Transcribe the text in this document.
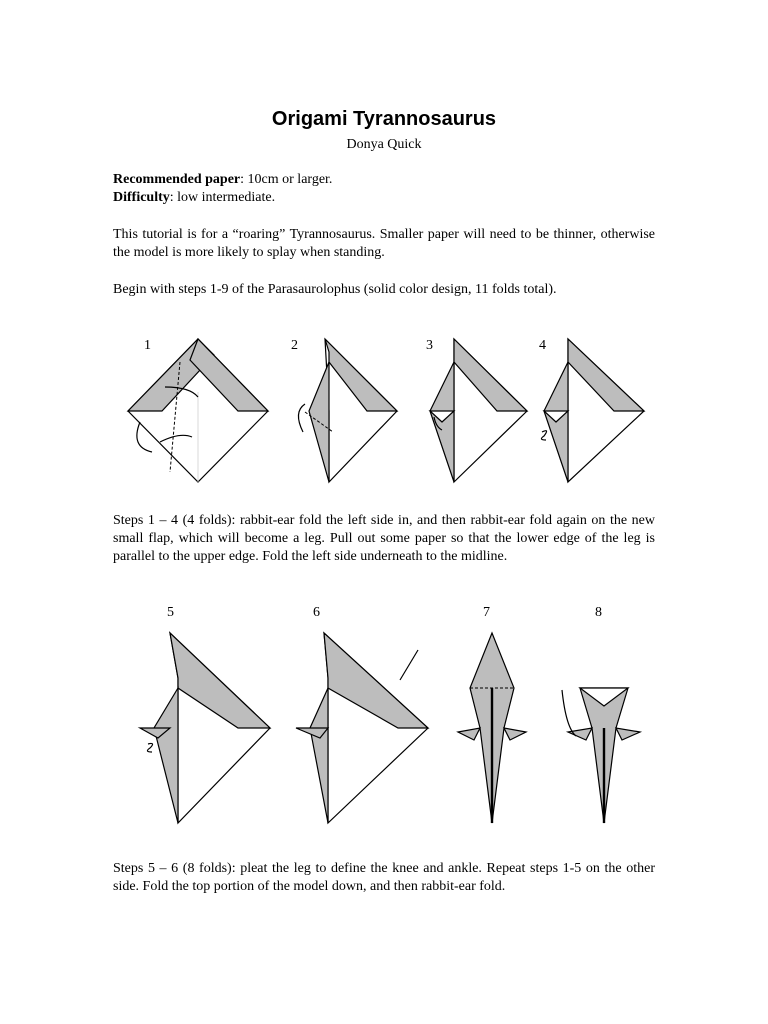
Origami Tyrannosaurus
Donya Quick
Recommended paper: 10cm or larger.
Difficulty: low intermediate.
This tutorial is for a “roaring” Tyrannosaurus. Smaller paper will need to be thinner, otherwise the model is more likely to splay when standing.
Begin with steps 1-9 of the Parasaurolophus (solid color design, 11 folds total).
1	2	3	4
Steps 1 – 4 (4 folds): rabbit-ear fold the left side in, and then rabbit-ear fold again on the new small flap, which will become a leg. Pull out some paper so that the lower edge of the leg is parallel to the upper edge. Fold the left side underneath to the midline.
5	6	7	8
Steps 5 – 6 (8 folds): pleat the leg to define the knee and ankle. Repeat steps 1-5 on the other side. Fold the top portion of the model down, and then rabbit-ear fold.
